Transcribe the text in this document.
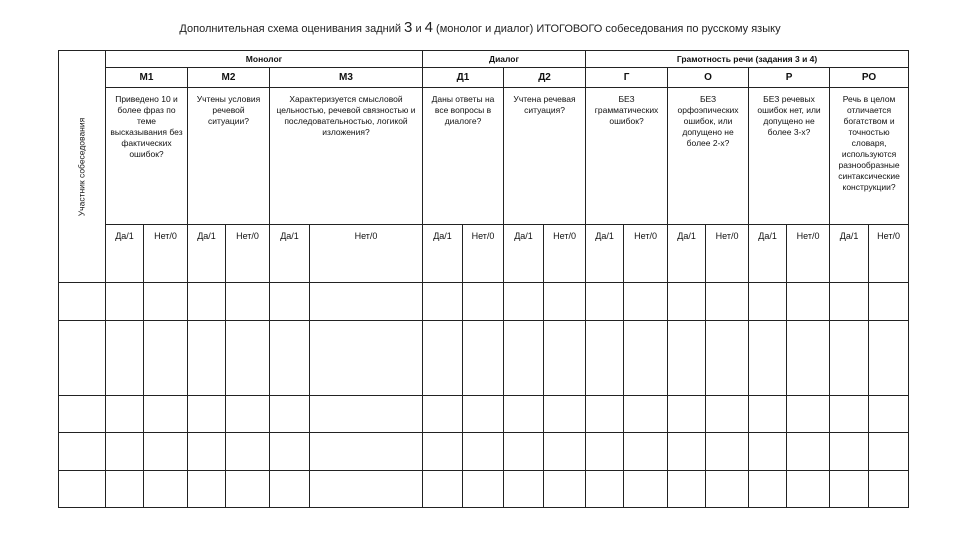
Дополнительная схема оценивания задний 3 и 4 (монолог и диалог) ИТОГОВОГО собеседования по русскому языку
Участник собеседования	Монолог						Диалог				Грамотность речи (задания 3 и 4)							
	М1		М2		М3		Д1		Д2		Г		О		Р		РО	

	Приведено 10 и более фраз по теме высказывания без фактических ошибок?		Учтены условия речевой ситуации?		Характеризуется смысловой цельностью, речевой связностью и последовательностью, логикой изложения?		Даны ответы на все вопросы в диалоге?		Учтена речевая ситуация?		БЕЗ грамматических ошибок?		БЕЗ орфоэпических ошибок, или допущено не более 2-х?		БЕЗ речевых ошибок нет, или допущено не более 3-х?		Речь в целом отличается богатством и точностью словаря, используются разнообразные синтаксические конструкции?	

	Да/1	Нет/0	Да/1	Нет/0	Да/1	Нет/0	Да/1	Нет/0	Да/1	Нет/0	Да/1	Нет/0	Да/1	Нет/0	Да/1	Нет/0	Да/1	Нет/0
